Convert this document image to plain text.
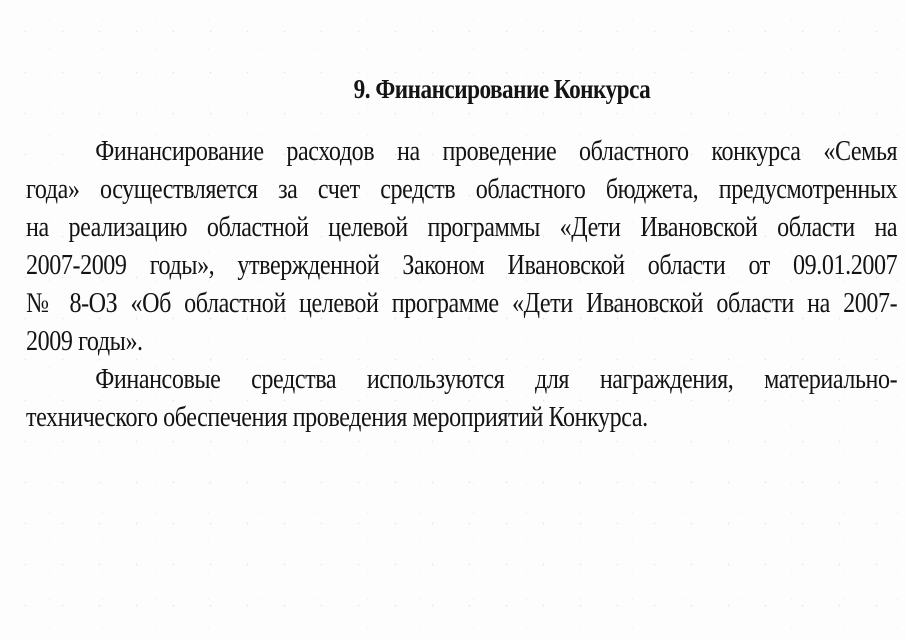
9. Финансирование Конкурса
Финансирование расходов на проведение областного конкурса «Семья
года» осуществляется за счет средств областного бюджета, предусмотренных
на реализацию областной целевой программы «Дети Ивановской области на
2007-2009 годы», утвержденной Законом Ивановской области от 09.01.2007
№ 8-ОЗ «Об областной целевой программе «Дети Ивановской области на 2007-
2009 годы».
Финансовые средства используются для награждения, материально-
технического обеспечения проведения мероприятий Конкурса.
